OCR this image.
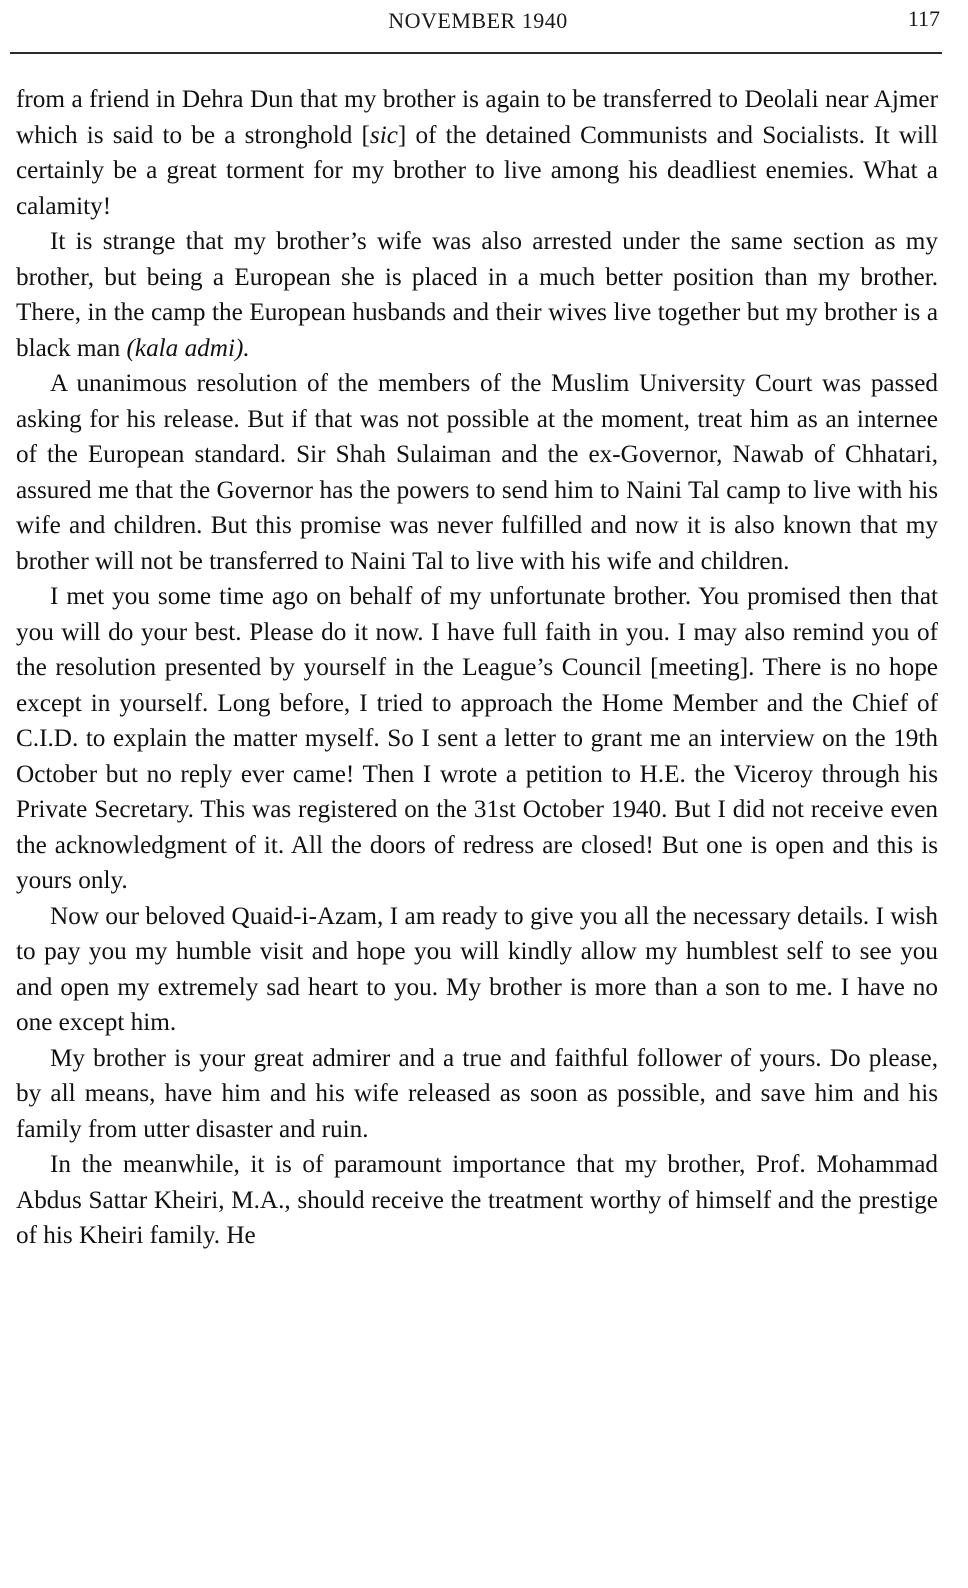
NOVEMBER 1940	117

from a friend in Dehra Dun that my brother is again to be transferred to Deolali near Ajmer which is said to be a stronghold [sic] of the detained Communists and Socialists. It will certainly be a great torment for my brother to live among his deadliest enemies. What a calamity!

It is strange that my brother’s wife was also arrested under the same section as my brother, but being a European she is placed in a much better position than my brother. There, in the camp the European husbands and their wives live together but my brother is a black man (kala admi).

A unanimous resolution of the members of the Muslim University Court was passed asking for his release. But if that was not possible at the moment, treat him as an internee of the European standard. Sir Shah Sulaiman and the ex-Governor, Nawab of Chhatari, assured me that the Governor has the powers to send him to Naini Tal camp to live with his wife and children. But this promise was never fulfilled and now it is also known that my brother will not be transferred to Naini Tal to live with his wife and children.

I met you some time ago on behalf of my unfortunate brother. You promised then that you will do your best. Please do it now. I have full faith in you. I may also remind you of the resolution presented by yourself in the League’s Council [meeting]. There is no hope except in yourself. Long before, I tried to approach the Home Member and the Chief of C.I.D. to explain the matter myself. So I sent a letter to grant me an interview on the 19th October but no reply ever came! Then I wrote a petition to H.E. the Viceroy through his Private Secretary. This was registered on the 31st October 1940. But I did not receive even the acknowledgment of it. All the doors of redress are closed! But one is open and this is yours only.

Now our beloved Quaid-i-Azam, I am ready to give you all the necessary details. I wish to pay you my humble visit and hope you will kindly allow my humblest self to see you and open my extremely sad heart to you. My brother is more than a son to me. I have no one except him.

My brother is your great admirer and a true and faithful follower of yours. Do please, by all means, have him and his wife released as soon as possible, and save him and his family from utter disaster and ruin.

In the meanwhile, it is of paramount importance that my brother, Prof. Mohammad Abdus Sattar Kheiri, M.A., should receive the treatment worthy of himself and the prestige of his Kheiri family. He
